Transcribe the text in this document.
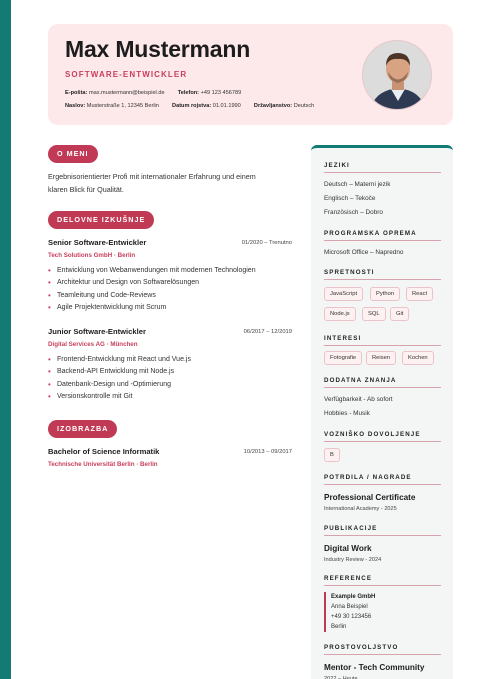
Max Mustermann
SOFTWARE-ENTWICKLER
E-pošta: max.mustermann@beispiel.de Telefon: +49 123 456789
Naslov: Musterstraße 1, 12345 Berlin Datum rojstva: 01.01.1990 Državljanstvo: Deutsch
O MENI
Ergebnisorientierter Profi mit internationaler Erfahrung und einem
klaren Blick für Qualität.
DELOVNE IZKUŠNJE
Senior Software-Entwickler	01/2020 – Trenutno
Tech Solutions GmbH · Berlin
• Entwicklung von Webanwendungen mit modernen Technologien
• Architektur und Design von Softwarelösungen
• Teamleitung und Code-Reviews
• Agile Projektentwicklung mit Scrum
Junior Software-Entwickler	06/2017 – 12/2019
Digital Services AG · München
• Frontend-Entwicklung mit React und Vue.js
• Backend-API Entwicklung mit Node.js
• Datenbank-Design und -Optimierung
• Versionskontrolle mit Git
IZOBRAZBA
Bachelor of Science Informatik	10/2013 – 09/2017
Technische Universität Berlin · Berlin
JEZIKI
Deutsch – Materni jezik
Englisch – Tekoče
Französisch – Dobro
PROGRAMSKA OPREMA
Microsoft Office – Napredno
SPRETNOSTI
JavaScript	Python	React
Node.js	SQL	Git
INTERESI
Fotografie	Reisen	Kochen
DODATNA ZNANJA
Verfügbarkeit - Ab sofort
Hobbies - Musik
VOZNIŠKO DOVOLJENJE
B
POTRDILA / NAGRADE
Professional Certificate
International Academy - 2025
PUBLIKACIJE
Digital Work
Industry Review - 2024
REFERENCE
Example GmbH
Anna Beispiel
+49 30 123456
Berlin
PROSTOVOLJSTVO
Mentor - Tech Community
2022 – Heute
